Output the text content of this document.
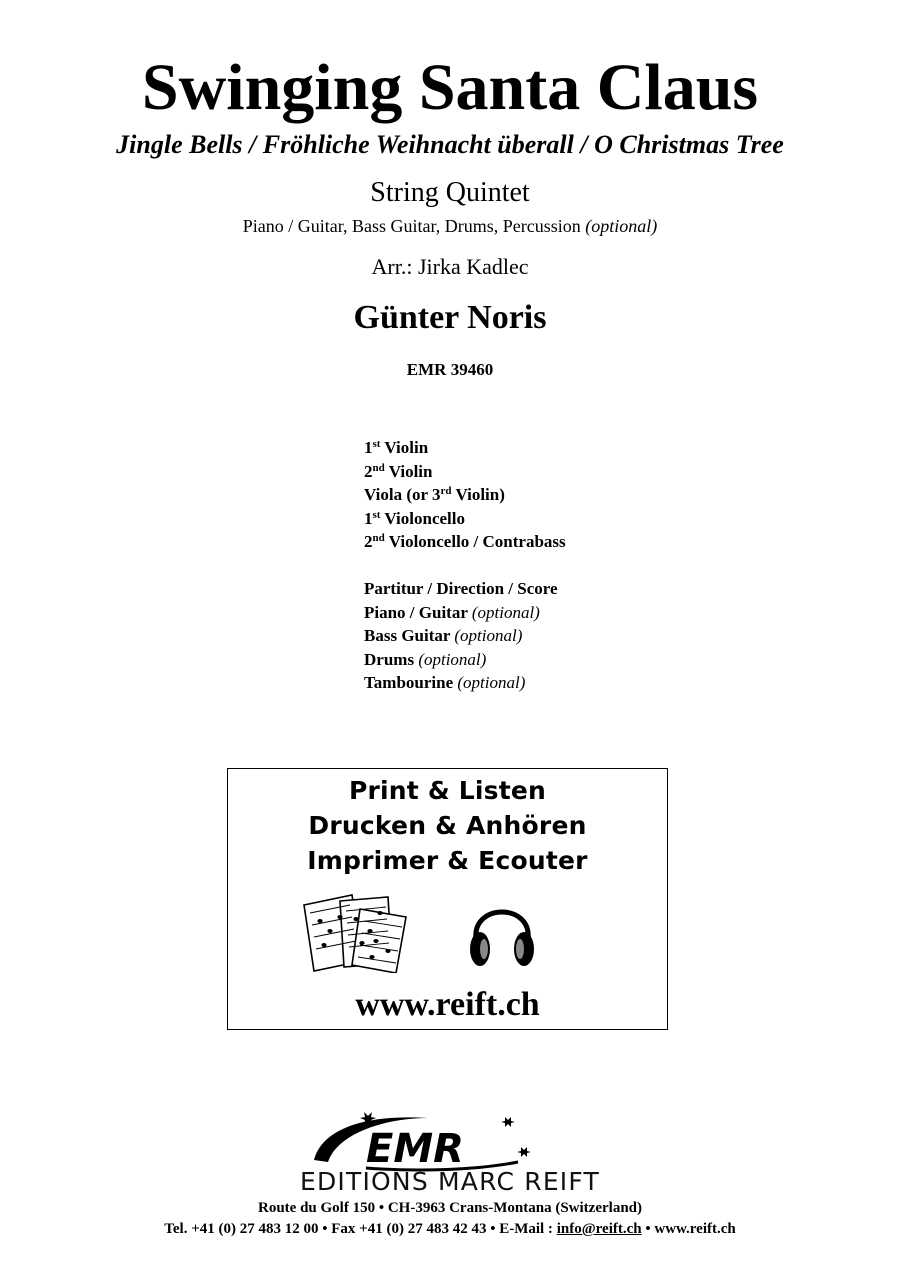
Swinging Santa Claus
Jingle Bells / Fröhliche Weihnacht überall / O Christmas Tree
String Quintet
Piano / Guitar, Bass Guitar, Drums, Percussion (optional)
Arr.: Jirka Kadlec
Günter Noris
EMR 39460
1st Violin
2nd Violin
Viola (or 3rd Violin)
1st Violoncello
2nd Violoncello / Contrabass
Partitur / Direction / Score
Piano / Guitar (optional)
Bass Guitar (optional)
Drums (optional)
Tambourine (optional)
Print & Listen
Drucken & Anhören
Imprimer & Ecouter
www.reift.ch
EMR
EDITIONS MARC REIFT
Route du Golf 150 • CH-3963 Crans-Montana (Switzerland)
Tel. +41 (0) 27 483 12 00 • Fax +41 (0) 27 483 42 43 • E-Mail : info@reift.ch • www.reift.ch
